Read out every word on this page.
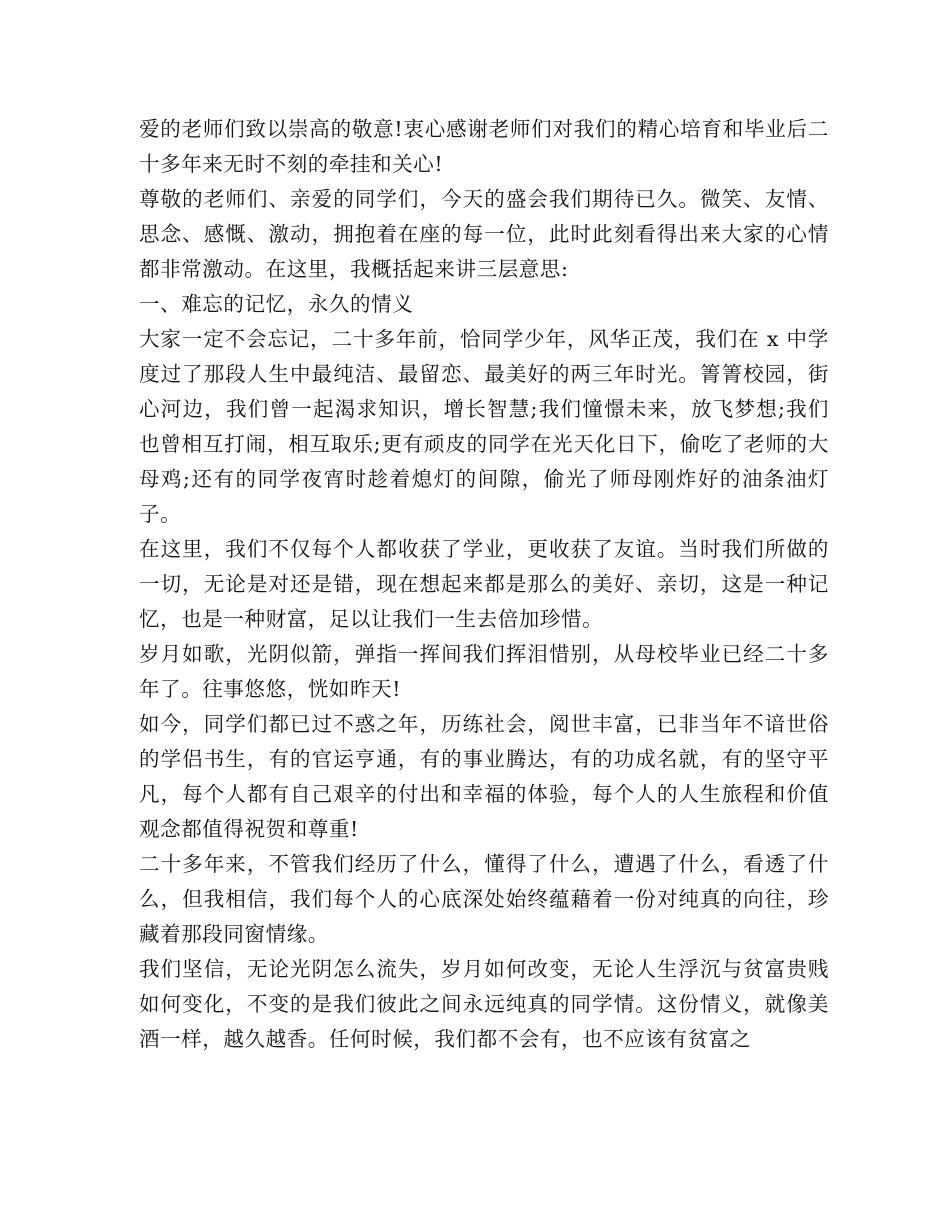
爱的老师们致以崇高的敬意!衷心感谢老师们对我们的精心培育和毕业后二十多年来无时不刻的牵挂和关心!

尊敬的老师们、亲爱的同学们，今天的盛会我们期待已久。微笑、友情、思念、感慨、激动，拥抱着在座的每一位，此时此刻看得出来大家的心情都非常激动。在这里，我概括起来讲三层意思:

一、难忘的记忆，永久的情义

大家一定不会忘记，二十多年前，恰同学少年，风华正茂，我们在 x 中学度过了那段人生中最纯洁、最留恋、最美好的两三年时光。箐箐校园，街心河边，我们曾一起渴求知识，增长智慧;我们憧憬未来，放飞梦想;我们也曾相互打闹，相互取乐;更有顽皮的同学在光天化日下，偷吃了老师的大母鸡;还有的同学夜宵时趁着熄灯的间隙，偷光了师母刚炸好的油条油灯子。

在这里，我们不仅每个人都收获了学业，更收获了友谊。当时我们所做的一切，无论是对还是错，现在想起来都是那么的美好、亲切，这是一种记忆，也是一种财富，足以让我们一生去倍加珍惜。

岁月如歌，光阴似箭，弹指一挥间我们挥泪惜别，从母校毕业已经二十多年了。往事悠悠，恍如昨天!

如今，同学们都已过不惑之年，历练社会，阅世丰富，已非当年不谙世俗的学侣书生，有的官运亨通，有的事业腾达，有的功成名就，有的坚守平凡，每个人都有自己艰辛的付出和幸福的体验，每个人的人生旅程和价值观念都值得祝贺和尊重!

二十多年来，不管我们经历了什么，懂得了什么，遭遇了什么，看透了什么，但我相信，我们每个人的心底深处始终蕴藉着一份对纯真的向往，珍藏着那段同窗情缘。

我们坚信，无论光阴怎么流失，岁月如何改变，无论人生浮沉与贫富贵贱如何变化，不变的是我们彼此之间永远纯真的同学情。这份情义，就像美酒一样，越久越香。任何时候，我们都不会有，也不应该有贫富之
